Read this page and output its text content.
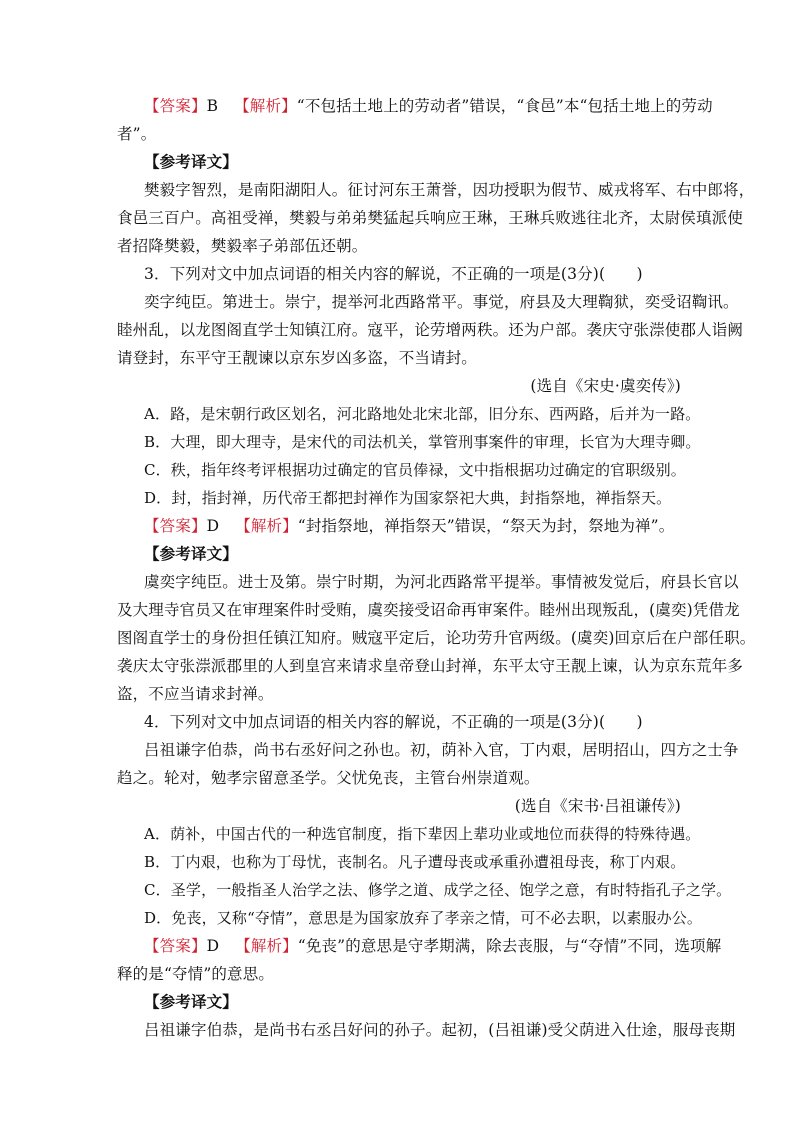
【答案】B 【解析】“不包括土地上的劳动者”错误，“食邑”本“包括土地上的劳动
者”。
【参考译文】
樊毅字智烈，是南阳湖阳人。征讨河东王萧誉，因功授职为假节、威戎将军、右中郎将，
食邑三百户。高祖受禅，樊毅与弟弟樊猛起兵响应王琳，王琳兵败逃往北齐，太尉侯瑱派使
者招降樊毅，樊毅率子弟部伍还朝。
3．下列对文中加点词语的相关内容的解说，不正确的一项是(3分)(　　)
奕字纯臣。第进士。崇宁，提举河北西路常平。事觉，府县及大理鞫狱，奕受诏鞫讯。
睦州乱，以龙图阁直学士知镇江府。寇平，论劳增两秩。还为户部。袭庆守张漴使郡人诣阙
请登封，东平守王靓谏以京东岁凶多盗，不当请封。
(选自《宋史·虞奕传》)
A．路，是宋朝行政区划名，河北路地处北宋北部，旧分东、西两路，后并为一路。
B．大理，即大理寺，是宋代的司法机关，掌管刑事案件的审理，长官为大理寺卿。
C．秩，指年终考评根据功过确定的官员俸禄，文中指根据功过确定的官职级别。
D．封，指封禅，历代帝王都把封禅作为国家祭祀大典，封指祭地，禅指祭天。
【答案】D 【解析】“封指祭地，禅指祭天”错误，“祭天为封，祭地为禅”。
【参考译文】
虞奕字纯臣。进士及第。崇宁时期，为河北西路常平提举。事情被发觉后，府县长官以
及大理寺官员又在审理案件时受贿，虞奕接受诏命再审案件。睦州出现叛乱，(虞奕)凭借龙
图阁直学士的身份担任镇江知府。贼寇平定后，论功劳升官两级。(虞奕)回京后在户部任职。
袭庆太守张漴派郡里的人到皇宫来请求皇帝登山封禅，东平太守王靓上谏，认为京东荒年多
盗，不应当请求封禅。
4．下列对文中加点词语的相关内容的解说，不正确的一项是(3分)(　　)
吕祖谦字伯恭，尚书右丞好问之孙也。初，荫补入官，丁内艰，居明招山，四方之士争
趋之。轮对，勉孝宗留意圣学。父忧免丧，主管台州崇道观。
(选自《宋书·吕祖谦传》)
A．荫补，中国古代的一种选官制度，指下辈因上辈功业或地位而获得的特殊待遇。
B．丁内艰，也称为丁母忧，丧制名。凡子遭母丧或承重孙遭祖母丧，称丁内艰。
C．圣学，一般指圣人治学之法、修学之道、成学之径、饱学之意，有时特指孔子之学。
D．免丧，又称“夺情”，意思是为国家放弃了孝亲之情，可不必去职，以素服办公。
【答案】D 【解析】“免丧”的意思是守孝期满，除去丧服，与“夺情”不同，选项解
释的是“夺情”的意思。
【参考译文】
吕祖谦字伯恭，是尚书右丞吕好问的孙子。起初，(吕祖谦)受父荫进入仕途，服母丧期
